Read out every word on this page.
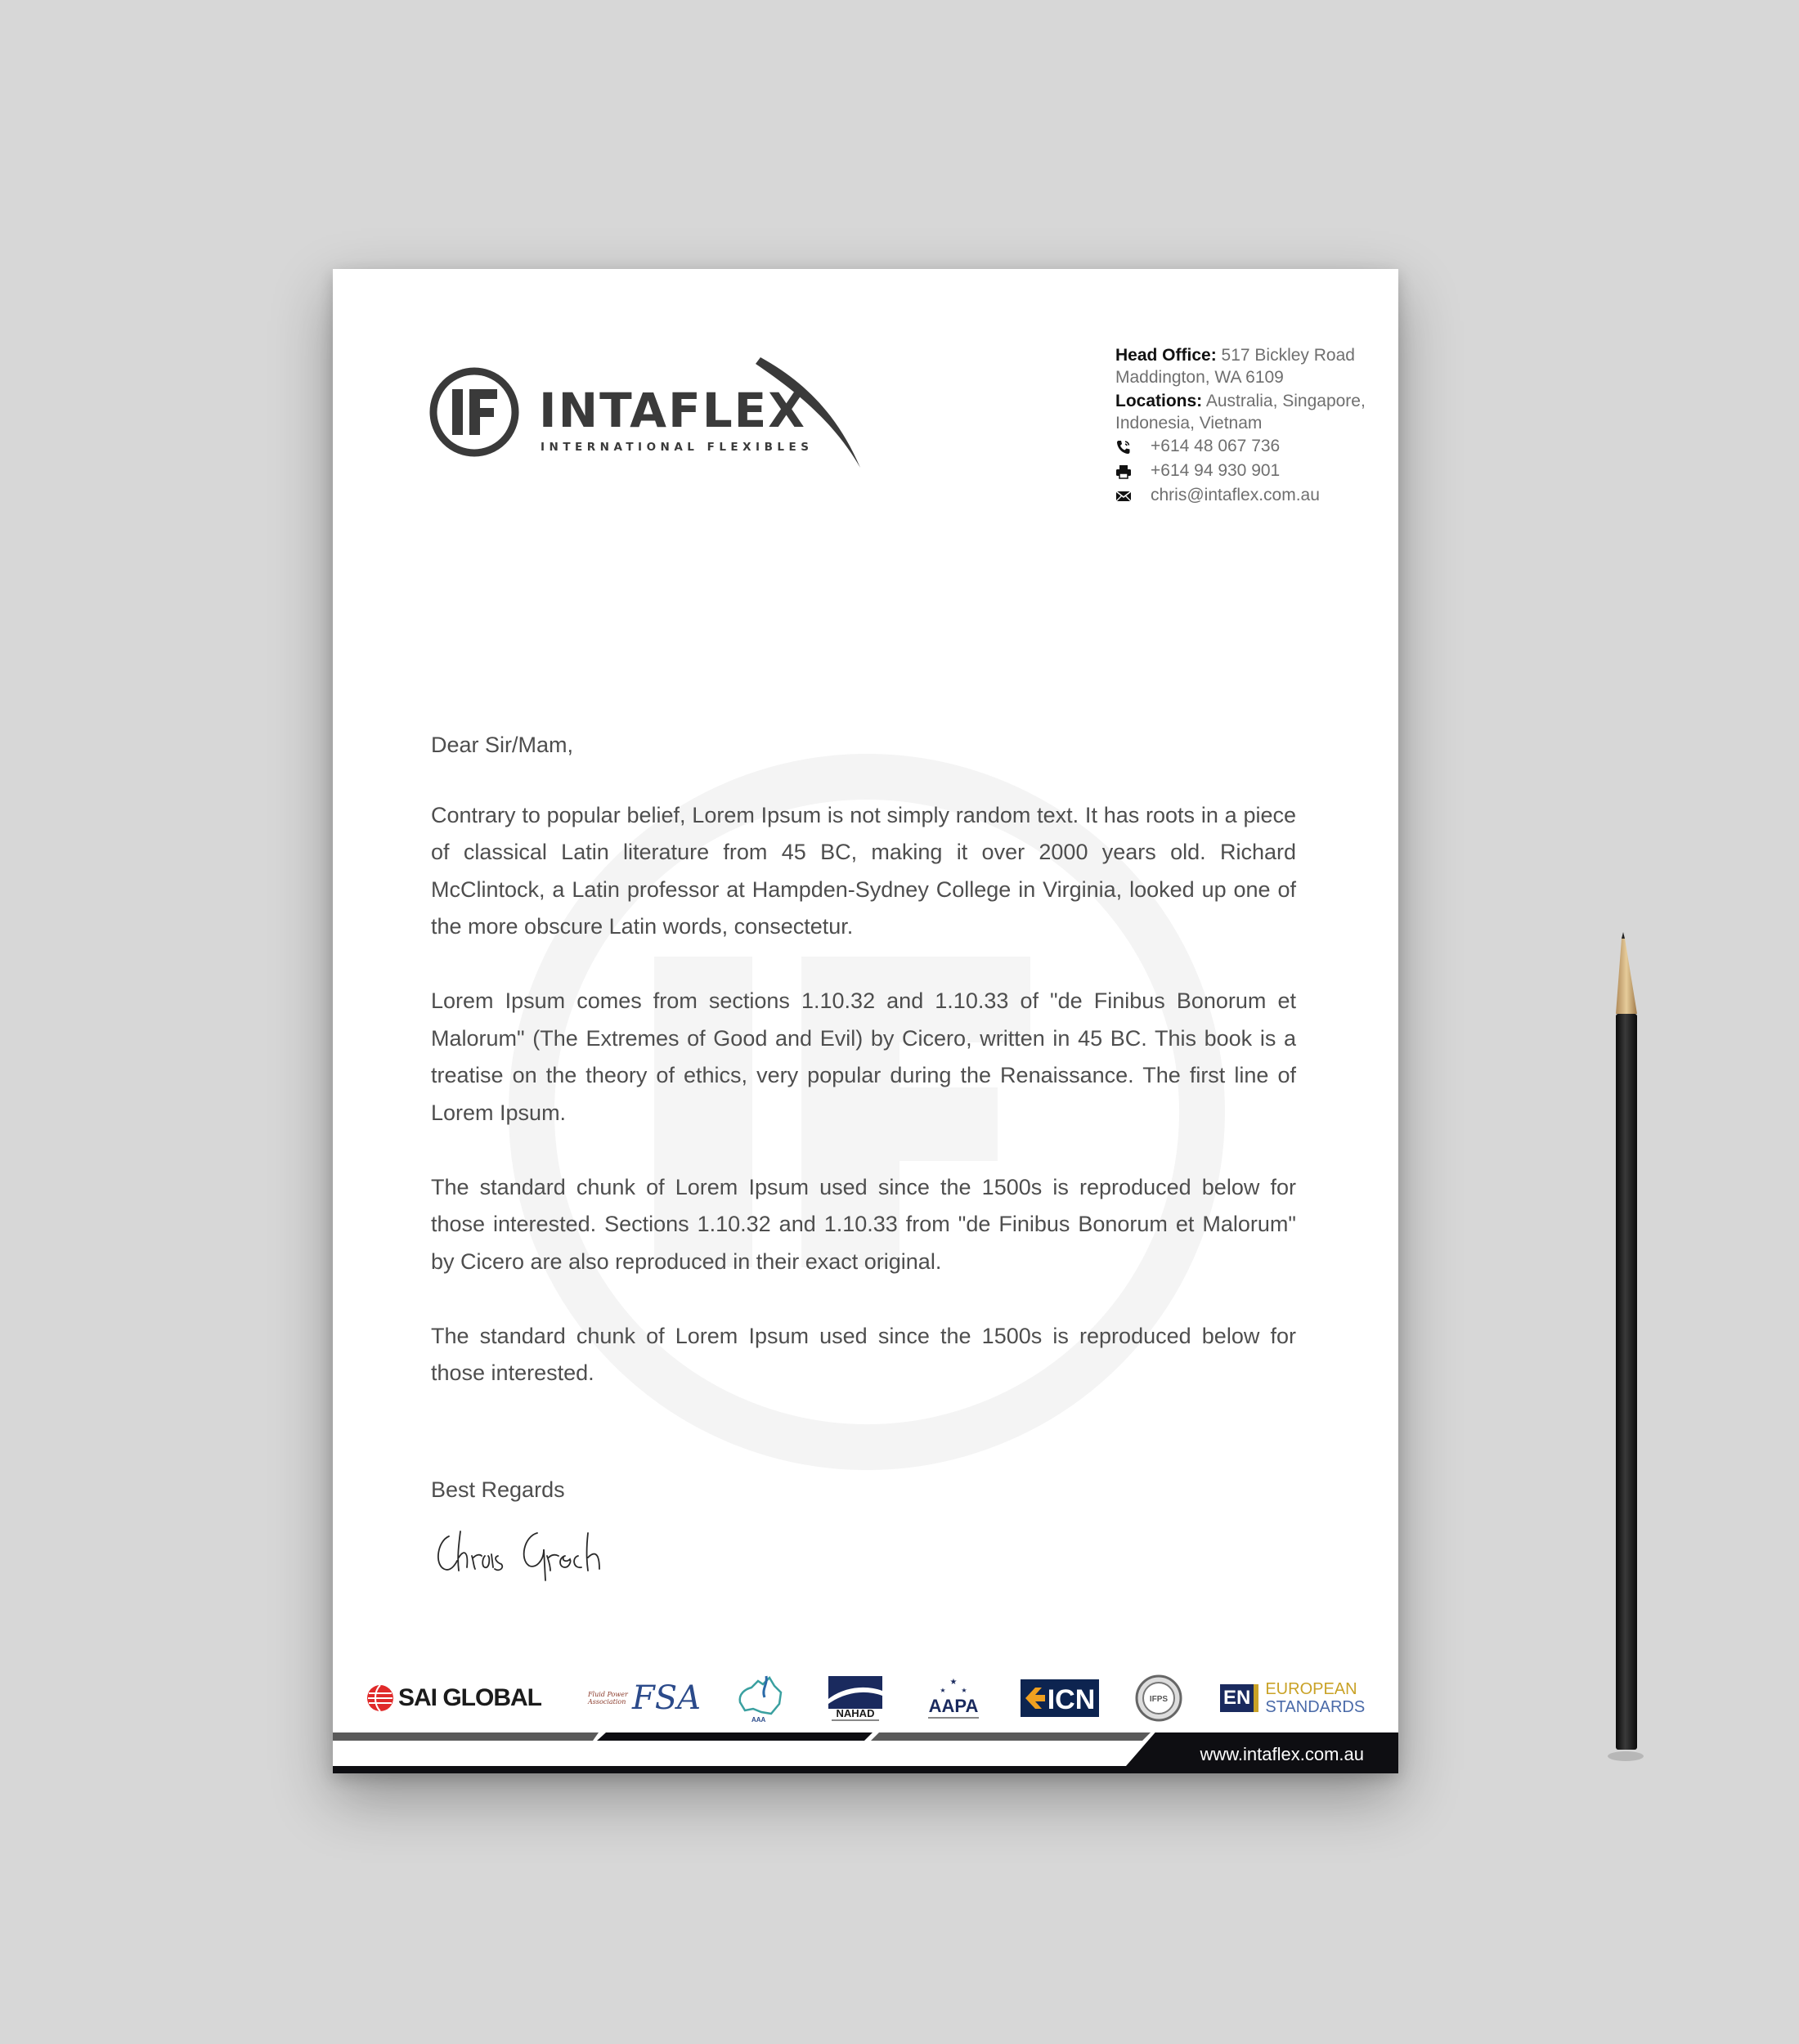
INTAFLEX
INTERNATIONAL FLEXIBLES
Head Office: 517 Bickley Road
Maddington, WA 6109
Locations: Australia, Singapore,
Indonesia, Vietnam
+614 48 067 736
+614 94 930 901
chris@intaflex.com.au

Dear Sir/Mam,

Contrary to popular belief, Lorem Ipsum is not simply random text. It has roots in a piece of classical Latin literature from 45 BC, making it over 2000 years old. Richard McClintock, a Latin professor at Hampden-Sydney College in Virginia, looked up one of the more obscure Latin words, consectetur.

Lorem Ipsum comes from sections 1.10.32 and 1.10.33 of "de Finibus Bonorum et Malorum" (The Extremes of Good and Evil) by Cicero, written in 45 BC. This book is a treatise on the theory of ethics, very popular during the Renaissance. The first line of Lorem Ipsum.

The standard chunk of Lorem Ipsum used since the 1500s is reproduced below for those interested. Sections 1.10.32 and 1.10.33 from "de Finibus Bonorum et Malorum" by Cicero are also reproduced in their exact original.

The standard chunk of Lorem Ipsum used since the 1500s is reproduced below for those interested.

Best Regards
SAI GLOBAL	Fluid Power Association FSA
AAA
NAHAD
★
★ ★
AAPA ICN	IFPS	EN EUROPEAN
STANDARDS
www.intaflex.com.au
